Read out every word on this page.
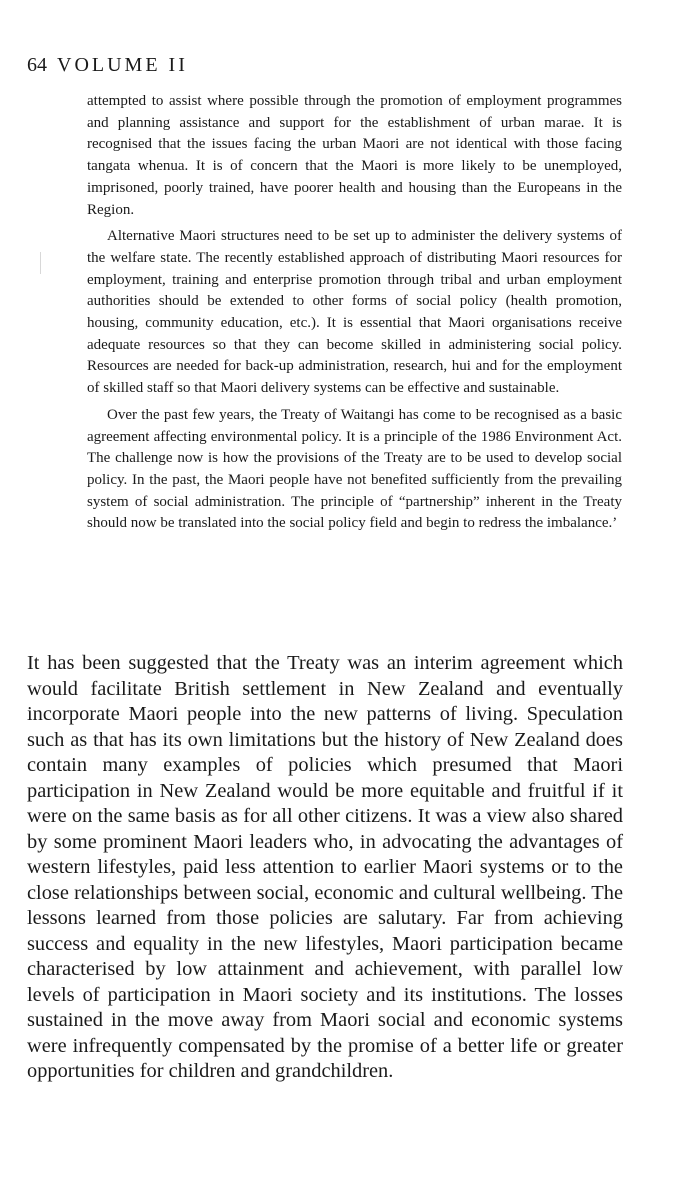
64 VOLUME II

attempted to assist where possible through the promotion of employment programmes and planning assistance and support for the establishment of urban marae. It is recognised that the issues facing the urban Maori are not identical with those facing tangata whenua. It is of concern that the Maori is more likely to be unemployed, imprisoned, poorly trained, have poorer health and housing than the Europeans in the Region.

Alternative Maori structures need to be set up to administer the delivery systems of the welfare state. The recently established approach of distributing Maori resources for employment, training and enterprise promotion through tribal and urban employment authorities should be extended to other forms of social policy (health promotion, housing, community education, etc.). It is essential that Maori organisations receive adequate resources so that they can become skilled in administering social policy. Resources are needed for back-up administration, research, hui and for the employment of skilled staff so that Maori delivery systems can be effective and sustainable.

Over the past few years, the Treaty of Waitangi has come to be recognised as a basic agreement affecting environmental policy. It is a principle of the 1986 Environment Act. The challenge now is how the provisions of the Treaty are to be used to develop social policy. In the past, the Maori people have not benefited sufficiently from the prevailing system of social administration. The principle of “partnership” inherent in the Treaty should now be translated into the social policy field and begin to redress the imbalance.’

It has been suggested that the Treaty was an interim agreement which would facilitate British settlement in New Zealand and eventually incorporate Maori people into the new patterns of living. Speculation such as that has its own limitations but the history of New Zealand does contain many examples of policies which presumed that Maori participation in New Zealand would be more equitable and fruitful if it were on the same basis as for all other citizens. It was a view also shared by some prominent Maori leaders who, in advocating the advantages of western lifestyles, paid less attention to earlier Maori systems or to the close relationships between social, economic and cultural wellbeing. The lessons learned from those policies are salutary. Far from achieving success and equality in the new lifestyles, Maori participation became characterised by low attainment and achievement, with parallel low levels of participation in Maori society and its institutions. The losses sustained in the move away from Maori social and economic systems were infrequently compensated by the promise of a better life or greater opportunities for children and grandchildren.
